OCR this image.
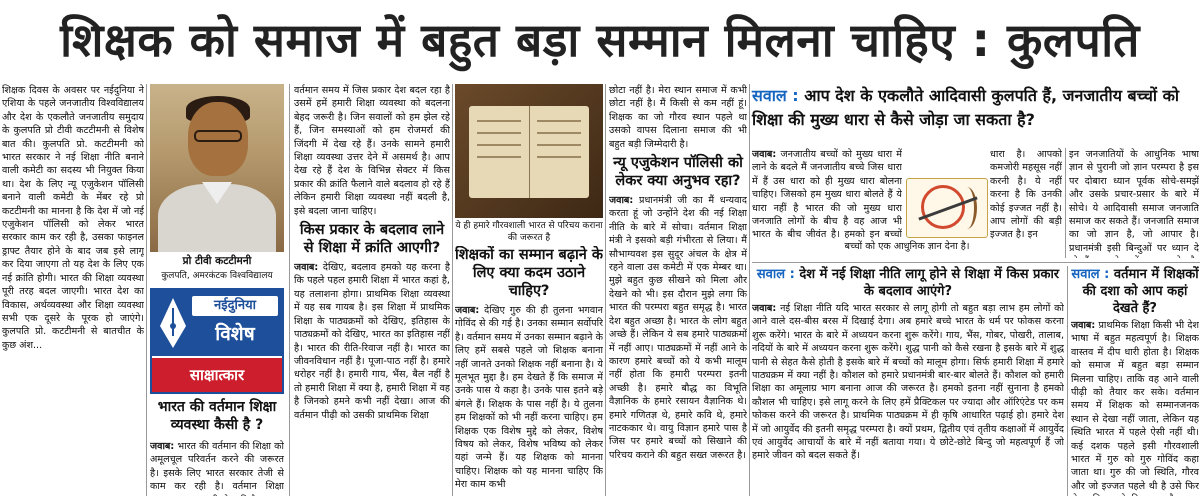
शिक्षक को समाज में बहुत बड़ा सम्मान मिलना चाहिए : कुलपति

शिक्षक दिवस के अवसर पर नईदुनिया ने एशिया के पहले जनजातीय विश्वविद्यालय और देश के एकलौते जनजातीय समुदाय के कुलपति प्रो टीवी कटटीमनी से विशेष बात की। कुलपति प्रो. कटटीमनी को भारत सरकार ने नई शिक्षा नीति बनाने वाली कमेटी का सदस्य भी नियुक्त किया था। देश के लिए न्यू एजुकेशन पॉलिसी बनाने वाली कमेटी के मेंबर रहे प्रो कटटीमनी का मानना है कि देश में जो नई एजुकेशन पॉलिसी को लेकर भारत सरकार काम कर रही है, उसका फाइनल ड्राफ्ट तैयार होने के बाद जब इसे लागू कर दिया जाएगा तो यह देश के लिए एक नई क्रांति होगी। भारत की शिक्षा व्यवस्था पूरी तरह बदल जाएगी। भारत देश का विकास, अर्थव्यवस्था और शिक्षा व्यवस्था सभी एक दूसरे के पूरक हो जाएंगे। कुलपति प्रो. कटटीमनी से बातचीत के कुछ अंश...

प्रो टीवी कटटीमनी
कुलपति, अमरकंटक विश्वविद्यालय
नईदुनिया
विशेष
साक्षात्कार
भारत की वर्तमान शिक्षा व्यवस्था कैसी है ?

जवाब: भारत की वर्तमान की शिक्षा को अमूलचूल परिवर्तन करने की जरूरत है। इसके लिए भारत सरकार तेजी से काम कर रही है। वर्तमान शिक्षा

वर्तमान समय में जिस प्रकार देश बदल रहा है उसमें हमें हमारी शिक्षा व्यवस्था को बदलना बेहद जरूरी है। जिन सवालों को हम झेल रहे हैं, जिन समस्याओं को हम रोजमर्रा की जिंदगी में देख रहे हैं। उनके सामने हमारी शिक्षा व्यवस्था उत्तर देने में असमर्थ है। आप देख रहे हैं देश के विभिन्न सेक्टर में किस प्रकार की क्रांति फैलाने वाले बदलाव हो रहे हैं लेकिन हमारी शिक्षा व्यवस्था नहीं बदली है, इसे बदला जाना चाहिए।

किस प्रकार के बदलाव लाने से शिक्षा में क्रांति आएगी?

जवाब: देखिए, बदलाव हमको यह करना है कि पहले पहल हमारी शिक्षा में भारत कहां है, यह तलाशना होगा। प्राथमिक शिक्षा व्यवस्था में यह सब गायब है। इस शिक्षा में प्राथमिक शिक्षा के पाठ्यक्रमों को देखिए, इतिहास के पाठ्यक्रमों को देखिए, भारत का इतिहास नहीं है। भारत की रीति-रिवाज नहीं है। भारत का जीवनविधान नहीं है। पूजा-पाठ नहीं है। हमारे धरोहर नहीं है। हमारी गाय, भैंस, बैल नहीं है तो हमारी शिक्षा में क्या है, हमारी शिक्षा में वह है जिनको हमने कभी नहीं देखा। आज की वर्तमान पीढ़ी को उसकी प्राथमिक शिक्षा

ये ही हमारे गौरवशाली भारत से परिचय कराना की जरूरत है
शिक्षकों का सम्मान बढ़ाने के लिए क्या कदम उठाने चाहिए?

जवाब: देखिए गुरु की ही तुलना भगवान गोविंद से की गई है। उनका सम्मान सर्वोपरि है। वर्तमान समय में उनका सम्मान बढ़ाने के लिए हमें सबसे पहले जो शिक्षक बनाना नहीं जानते उनको शिक्षक नहीं बनाना है। ये मूलभूत मुद्दा है। हम देखते हैं कि समाज में उनके पास ये कहा है। उनके पास इतने बड़े बंगले हैं। शिक्षक के पास नहीं है। ये तुलना हम शिक्षकों को भी नहीं करना चाहिए। हम शिक्षक एक विशेष मुद्दे को लेकर, विशेष विषय को लेकर, विशेष भविष्य को लेकर यहां जन्मे हैं। यह शिक्षक को मानना चाहिए। शिक्षक को यह मानना चाहिए कि मेरा काम कभी

छोटा नहीं है। मेरा स्थान समाज में कभी छोटा नहीं है। मैं किसी से कम नहीं हूं। शिक्षक का जो गौरव स्थान पहले था उसको वापस दिलाना समाज की भी बहुत बड़ी जिम्मेदारी है।

न्यू एजुकेशन पॉलिसी को लेकर क्या अनुभव रहा?

जवाब: प्रधानमंत्री जी का मैं धन्यवाद करता हूं जो उन्होंने देश की नई शिक्षा नीति के बारे में सोचा। वर्तमान शिक्षा मंत्री ने इसको बड़ी गंभीरता से लिया। मैं सौभाग्यवश इस सुदूर अंचल के क्षेत्र में रहने वाला उस कमेटी में एक मेम्बर था। मुझे बहुत कुछ सीखने को मिला और देखने को भी। इस दौरान मुझे लगा कि भारत की परम्परा बहुत समृद्ध है। भारत देश बहुत अच्छा है। भारत के लोग बहुत अच्छे हैं। लेकिन ये सब हमारे पाठ्यक्रमों में नहीं आए। पाठ्यक्रमों में नहीं आने के कारण हमारे बच्चों को ये कभी मालूम नहीं होता कि हमारी परम्परा इतनी अच्छी है। हमारे बौद्ध का विभूति वैज्ञानिक के हमारे रसायन वैज्ञानिक थे। हमारे गणितज्ञ थे, हमारे कवि थे, हमारे नाटककार थे। वायु विज्ञान हमारे पास है जिस पर हमारे बच्चों को सिखाने की परिचय कराने की बहुत सख्त जरूरत है।

सवाल : आप देश के एकलौते आदिवासी कुलपति हैं, जनजातीय बच्चों को शिक्षा की मुख्य धारा से कैसे जोड़ा जा सकता है?

जवाब: जनजातीय बच्चों को मुख्य धारा में लाने के बदले मैं जनजातीय बच्चे जिस धारा में हैं उस धारा को ही मुख्य धारा बोलना चाहिए। जिसको हम मुख्य धारा बोलते हैं ये धारा नहीं है भारत की जो मुख्य धारा जनजाति लोगों के बीच है वह आज भी भारत के बीच जीवंत है। हमको इन बच्चों

धारा है। आपको कमजोरी महसूस नहीं करनी है। ये नहीं करना है कि उनकी कोई इज्जत नहीं है। आप लोगों की बड़ी इज्जत है। इन

बच्चों को एक आधुनिक ज्ञान देना है।

इन जनजातियों के आधुनिक भाषा ज्ञान से पुरानी जो ज्ञान परम्परा है इस पर दोबारा ध्यान पूर्वक सोचे-समझें और उसके प्रचार-प्रसार के बारे में सोचे। ये आदिवासी समाज जनजाति समाज कर सकते हैं। जनजाति समाज का जो ज्ञान है, जो आपार है। प्रधानमंत्री इसी बिन्दुओं पर ध्यान दे

सवाल : देश में नई शिक्षा नीति लागू होने से शिक्षा में किस प्रकार के बदलाव आएंगे?

जवाब: नई शिक्षा नीति यदि भारत सरकार से लागू होगी तो बहुत बड़ा लाभ हम लोगों को आने वाले दस-बीस बरस में दिखाई देगा। अब हमारे बच्चे भारत के धर्म पर फोकस करना शुरू करेंगे। भारत के बारे में अध्ययन करना शुरू करेंगे। गाय, भैंस, गोबर, पोखरी, तालाब, नदियों के बारे में अध्ययन करना शुरू करेंगे। शुद्ध पानी को कैसे रखना है इसके बारे में शुद्ध पानी से सेहत कैसे होती है इसके बारे में बच्चों को मालूम होगा। सिर्फ हमारी शिक्षा में हमारे पाठ्यक्रम में क्या नहीं है। कौशल को हमारे प्रधानमंत्री बार-बार बोलते हैं। कौशल को हमारी शिक्षा का अमूलाग्र भाग बनाना आज की जरूरत है। हमको इतना नहीं सुनाना है हमको कौशल भी चाहिए। इसे लागू करने के लिए हमें प्रैक्टिकल पर ज्यादा और ऑरिएंटेड पर कम फोकस करने की जरूरत है। प्राथमिक पाठ्यक्रम में ही कृषि आधारित पढ़ाई हो। हमारे देश में जो आयुर्वेद की इतनी समृद्ध परम्परा है। क्यों प्रथम, द्वितीय एवं तृतीय कक्षाओं में आयुर्वेद एवं आयुर्वेद आचार्यों के बारे में नहीं बताया गया। ये छोटे-छोटे बिन्दु जो महत्वपूर्ण हैं जो हमारे जीवन को बदल सकते हैं।

सवाल : वर्तमान में शिक्षकों की दशा को आप कहां देखते हैं?

जवाब: प्राथमिक शिक्षा किसी भी देश भाषा में बहुत महत्वपूर्ण है। शिक्षक वास्तव में दीप धारी होता है। शिक्षक को समाज में बहुत बड़ा सम्मान मिलना चाहिए। ताकि वह आने वाली पीढ़ी को तैयार कर सके। वर्तमान समय में शिक्षक को सम्मानजनक स्थान से देखा नहीं जाता, लेकिन यह स्थिति भारत में पहले ऐसी नहीं थी। कई दशक पहले इसी गौरवशाली भारत में गुरु को गुरु गोविंद कहा जाता था। गुरु की जो स्थिति, गौरव और जो इज्जत पहले थी है उसे फिर
